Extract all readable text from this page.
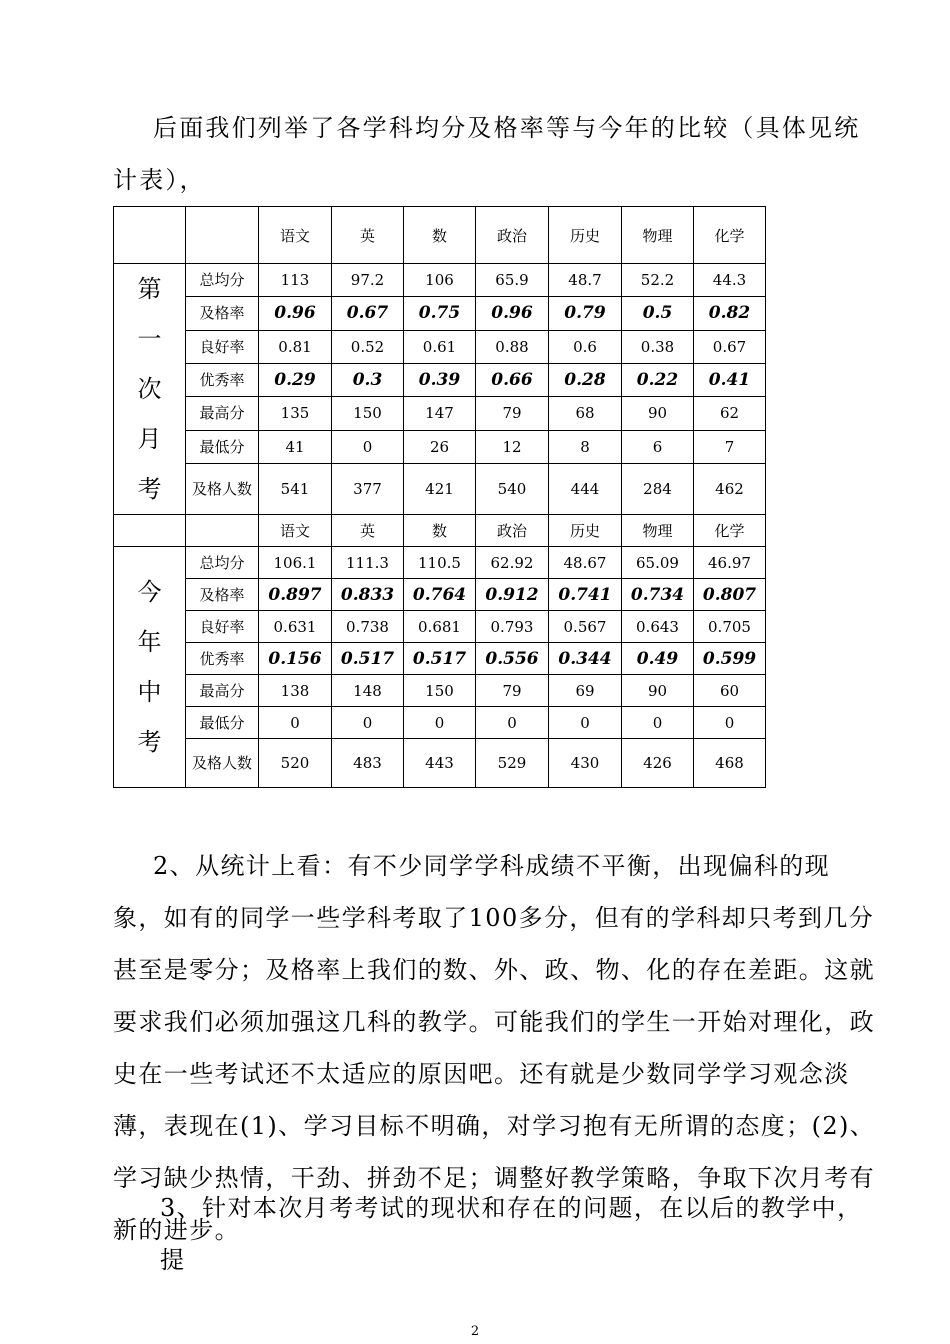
后面我们列举了各学科均分及格率等与今年的比较（具体见统计表），

		语文	英	数	政治	历史	物理	化学

第
一
次
月
考	总均分	113	97.2	106	65.9	48.7	52.2	44.3
	及格率	0.96	0.67	0.75	0.96	0.79	0.5	0.82
	良好率	0.81	0.52	0.61	0.88	0.6	0.38	0.67
	优秀率	0.29	0.3	0.39	0.66	0.28	0.22	0.41
	最高分	135	150	147	79	68	90	62
	最低分	41	0	26	12	8	6	7
	及格人数	541	377	421	540	444	284	462
		语文	英	数	政治	历史	物理	化学

今
年
中
考	总均分	106.1	111.3	110.5	62.92	48.67	65.09	46.97
	及格率	0.897	0.833	0.764	0.912	0.741	0.734	0.807
	良好率	0.631	0.738	0.681	0.793	0.567	0.643	0.705
	优秀率	0.156	0.517	0.517	0.556	0.344	0.49	0.599
	最高分	138	148	150	79	69	90	60
	最低分	0	0	0	0	0	0	0
	及格人数	520	483	443	529	430	426	468

2、从统计上看：有不少同学学科成绩不平衡，出现偏科的现象，如有的同学一些学科考取了100多分，但有的学科却只考到几分甚至是零分；及格率上我们的数、外、政、物、化的存在差距。这就要求我们必须加强这几科的教学。可能我们的学生一开始对理化，政史在一些考试还不太适应的原因吧。还有就是少数同学学习观念淡薄，表现在(1)、学习目标不明确，对学习抱有无所谓的态度；(2)、学习缺少热情，干劲、拼劲不足；调整好教学策略，争取下次月考有新的进步。

3、针对本次月考考试的现状和存在的问题，在以后的教学中，提

2
